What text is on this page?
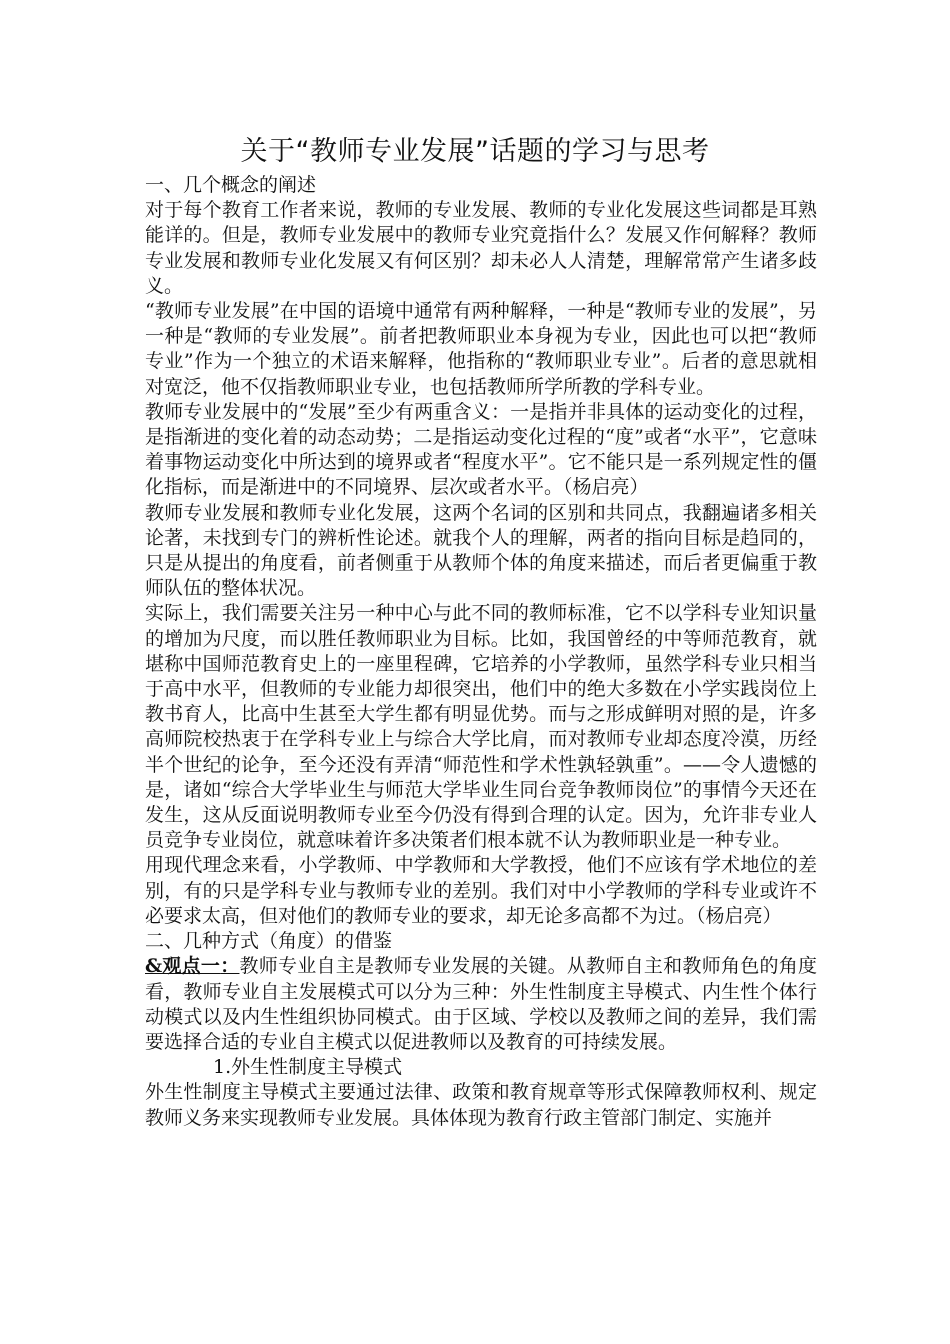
关于“教师专业发展”话题的学习与思考

一、几个概念的阐述

对于每个教育工作者来说，教师的专业发展、教师的专业化发展这些词都是耳熟能详的。但是，教师专业发展中的教师专业究竟指什么？发展又作何解释？教师专业发展和教师专业化发展又有何区别？却未必人人清楚，理解常常产生诸多歧义。

“教师专业发展”在中国的语境中通常有两种解释，一种是“教师专业的发展”，另一种是“教师的专业发展”。前者把教师职业本身视为专业，因此也可以把“教师专业”作为一个独立的术语来解释，他指称的“教师职业专业”。后者的意思就相对宽泛，他不仅指教师职业专业，也包括教师所学所教的学科专业。

教师专业发展中的“发展”至少有两重含义：一是指并非具体的运动变化的过程，是指渐进的变化着的动态动势；二是指运动变化过程的“度”或者“水平”，它意味着事物运动变化中所达到的境界或者“程度水平”。它不能只是一系列规定性的僵化指标，而是渐进中的不同境界、层次或者水平。（杨启亮）

教师专业发展和教师专业化发展，这两个名词的区别和共同点，我翻遍诸多相关论著，未找到专门的辨析性论述。就我个人的理解，两者的指向目标是趋同的，只是从提出的角度看，前者侧重于从教师个体的角度来描述，而后者更偏重于教师队伍的整体状况。

实际上，我们需要关注另一种中心与此不同的教师标准，它不以学科专业知识量的增加为尺度，而以胜任教师职业为目标。比如，我国曾经的中等师范教育，就堪称中国师范教育史上的一座里程碑，它培养的小学教师，虽然学科专业只相当于高中水平，但教师的专业能力却很突出，他们中的绝大多数在小学实践岗位上教书育人，比高中生甚至大学生都有明显优势。而与之形成鲜明对照的是，许多高师院校热衷于在学科专业上与综合大学比肩，而对教师专业却态度冷漠，历经半个世纪的论争，至今还没有弄清“师范性和学术性孰轻孰重”。——令人遗憾的是，诸如“综合大学毕业生与师范大学毕业生同台竞争教师岗位”的事情今天还在发生，这从反面说明教师专业至今仍没有得到合理的认定。因为，允许非专业人员竞争专业岗位，就意味着许多决策者们根本就不认为教师职业是一种专业。

用现代理念来看，小学教师、中学教师和大学教授，他们不应该有学术地位的差别，有的只是学科专业与教师专业的差别。我们对中小学教师的学科专业或许不必要求太高，但对他们的教师专业的要求，却无论多高都不为过。（杨启亮）

二、几种方式（角度）的借鉴

&观点一：教师专业自主是教师专业发展的关键。从教师自主和教师角色的角度看，教师专业自主发展模式可以分为三种：外生性制度主导模式、内生性个体行动模式以及内生性组织协同模式。由于区域、学校以及教师之间的差异，我们需要选择合适的专业自主模式以促进教师以及教育的可持续发展。

1.外生性制度主导模式

外生性制度主导模式主要通过法律、政策和教育规章等形式保障教师权利、规定教师义务来实现教师专业发展。具体体现为教育行政主管部门制定、实施并
